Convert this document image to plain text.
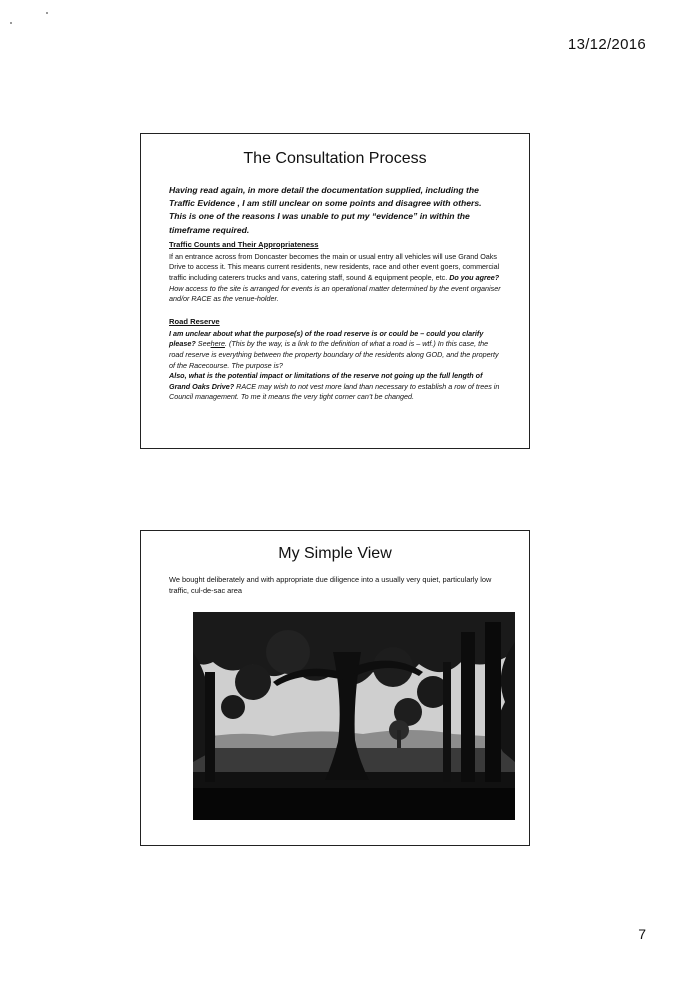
13/12/2016
The Consultation Process

Having read again, in more detail the documentation supplied, including the Traffic Evidence , I am still unclear on some points and disagree with others. This is one of the reasons I was unable to put my “evidence” in within the timeframe required.

Traffic Counts and Their Appropriateness

If an entrance across from Doncaster becomes the main or usual entry all vehicles will use Grand Oaks Drive to access it. This means current residents, new residents, race and other event goers, commercial traffic including caterers trucks and vans, catering staff, sound & equipment people, etc. Do you agree? How access to the site is arranged for events is an operational matter determined by the event organiser and/or RACE as the venue-holder.

Road Reserve

I am unclear about what the purpose(s) of the road reserve is or could be – could you clarify please? Seehere. (This by the way, is a link to the definition of what a road is – wtf.) In this case, the road reserve is everything between the property boundary of the residents along GOD, and the property of the Racecourse. The purpose is?
Also, what is the potential impact or limitations of the reserve not going up the full length of Grand Oaks Drive? RACE may wish to not vest more land than necessary to establish a row of trees in Council management. To me it means the very tight corner can’t be changed.

My Simple View

We bought deliberately and with appropriate due diligence into a usually very quiet, particularly low traffic, cul-de-sac area

7
